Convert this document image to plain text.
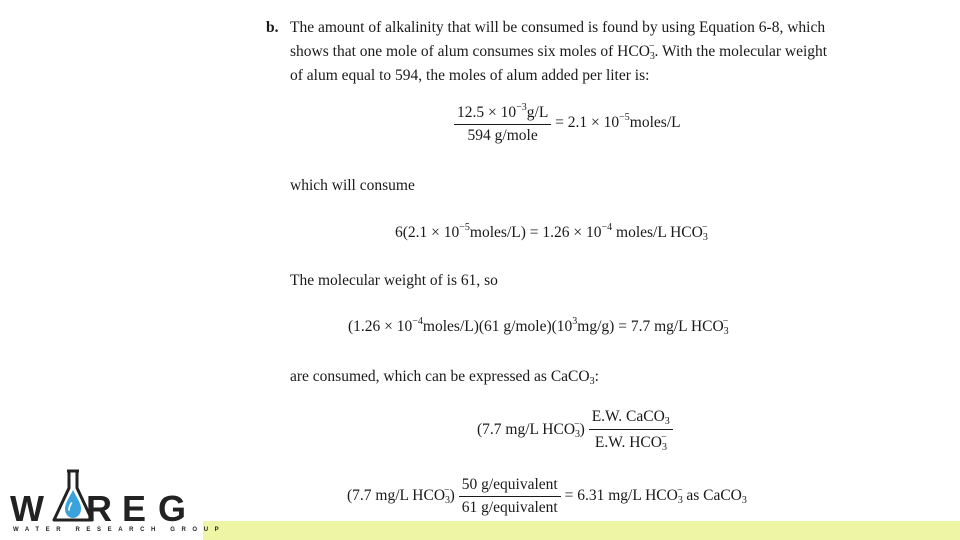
b. The amount of alkalinity that will be consumed is found by using Equation 6-8, which
shows that one mole of alum consumes six moles of $HCO_3^-$. With the molecular weight
of alum equal to 594, the moles of alum added per liter is:
$\frac{12.5 \times 10^{-3}g/L}{\text{594 g/mole}} = 2.1$ × $10^{-5}moles/L$
which will consume
$6(2.1 \times 10^{-5}moles/L) = 1.26 \times 10^{-4}$ moles/L $HCO_3^-$
The molecular weight of is 61, so
$(1.26 \times 10^{-4}moles/L)(61$ $g/mole)(10^3mg/g) = 7.7$ mg/L $HCO_3^-$
are consumed, which can be expressed as CaCO$_3$:
(7.7 mg/L $HCO_3^-) \frac{E.W. CaCO_3}{E.W. HCO_3^-}$
(7.7 mg/L $HCO_3^-) \frac{\text{50 g/equivalent}}{\text{61 g/equivalent}} = 6.31$ mg/L $HCO_3^-$ as CaCO$_3$
W R E G
WATER RESEARCH GROUP
